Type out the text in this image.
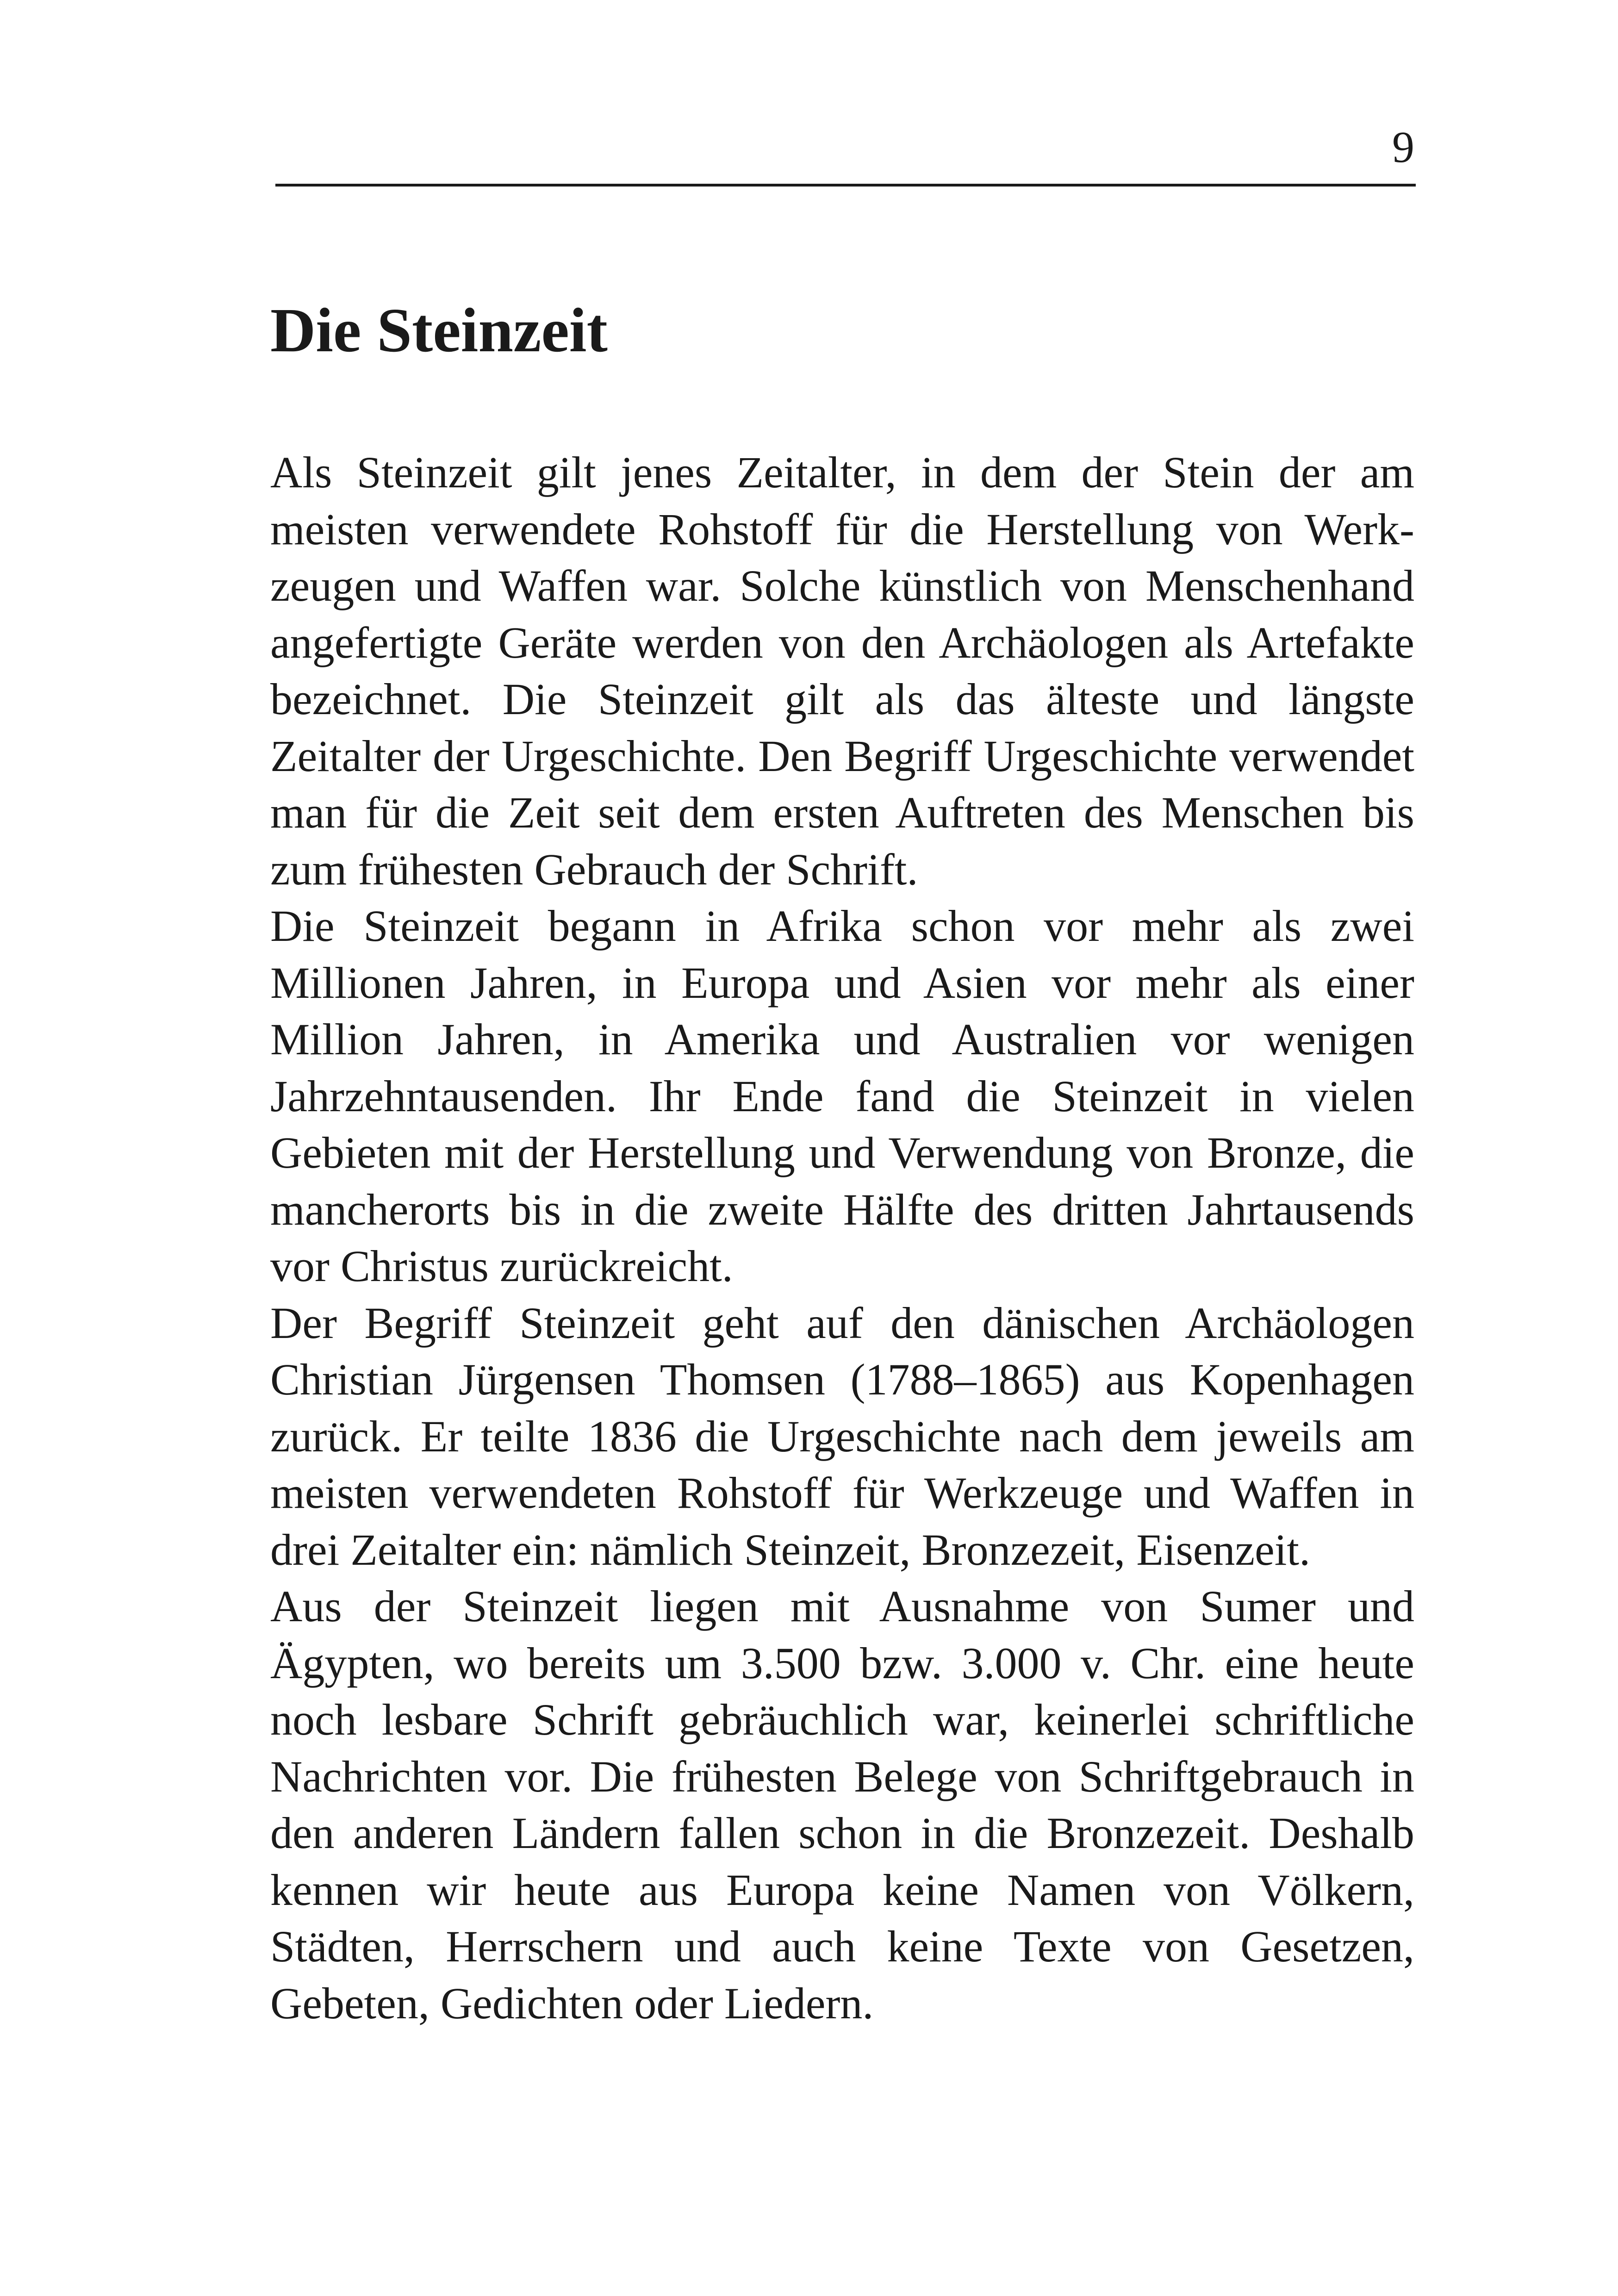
9
Die Steinzeit

Als Steinzeit gilt jenes Zeitalter, in dem der Stein der am meisten verwendete Rohstoff für die Herstellung von Werkzeugen und Waffen war. Solche künstlich von Menschenhand angefertigte Geräte werden von den Archäologen als Artefakte bezeichnet. Die Steinzeit gilt als das älteste und längste Zeitalter der Urgeschichte. Den Begriff Urgeschichte verwendet man für die Zeit seit dem ersten Auftreten des Menschen bis zum frühesten Gebrauch der Schrift.

Die Steinzeit begann in Afrika schon vor mehr als zwei Millionen Jahren, in Europa und Asien vor mehr als einer Million Jahren, in Amerika und Australien vor wenigen Jahrzehntausenden. Ihr Ende fand die Steinzeit in vielen Gebieten mit der Herstellung und Verwendung von Bronze, die mancherorts bis in die zweite Hälfte des dritten Jahrtausends vor Christus zurückreicht.

Der Begriff Steinzeit geht auf den dänischen Archäologen Christian Jürgensen Thomsen (1788–1865) aus Kopenhagen zurück. Er teilte 1836 die Urgeschichte nach dem jeweils am meisten verwendeten Rohstoff für Werkzeuge und Waffen in drei Zeitalter ein: nämlich Steinzeit, Bronzezeit, Eisenzeit.

Aus der Steinzeit liegen mit Ausnahme von Sumer und Ägypten, wo bereits um 3.500 bzw. 3.000 v. Chr. eine heute noch lesbare Schrift gebräuchlich war, keinerlei schriftliche Nachrichten vor. Die frühesten Belege von Schriftgebrauch in den anderen Ländern fallen schon in die Bronzezeit. Deshalb kennen wir heute aus Europa keine Namen von Völkern, Städten, Herrschern und auch keine Texte von Gesetzen, Gebeten, Gedichten oder Liedern.
